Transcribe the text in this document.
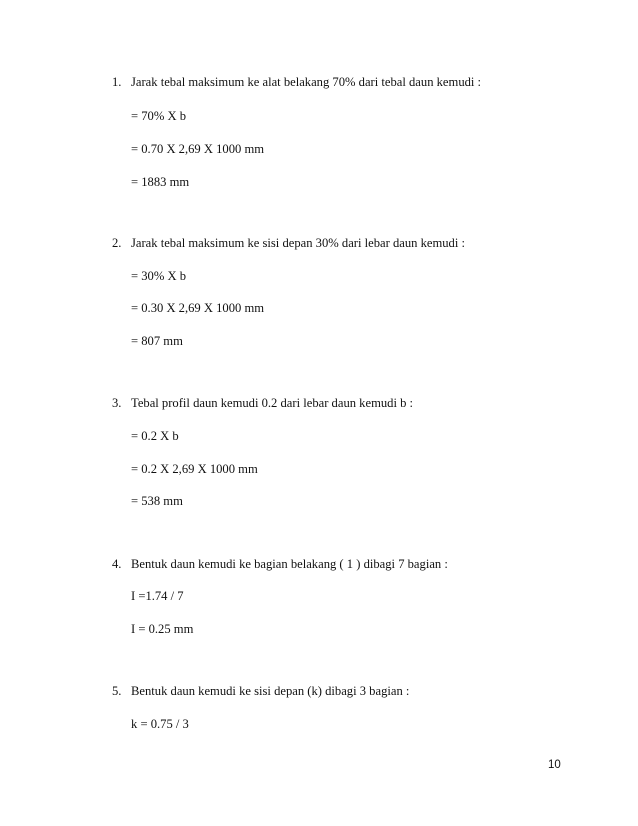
1. Jarak tebal maksimum ke alat belakang 70% dari tebal daun kemudi :
= 70% X b
= 0.70 X 2,69 X 1000 mm
= 1883 mm
2. Jarak tebal maksimum ke sisi depan 30% dari lebar daun kemudi :
= 30% X b
= 0.30 X 2,69 X 1000 mm
= 807 mm
3. Tebal profil daun kemudi 0.2 dari lebar daun kemudi b :
= 0.2 X b
= 0.2 X 2,69 X 1000 mm
= 538 mm
4. Bentuk daun kemudi ke bagian belakang ( 1 ) dibagi 7 bagian :
I =1.74 / 7
I = 0.25 mm
5. Bentuk daun kemudi ke sisi depan (k) dibagi 3 bagian :
k = 0.75 / 3
10
